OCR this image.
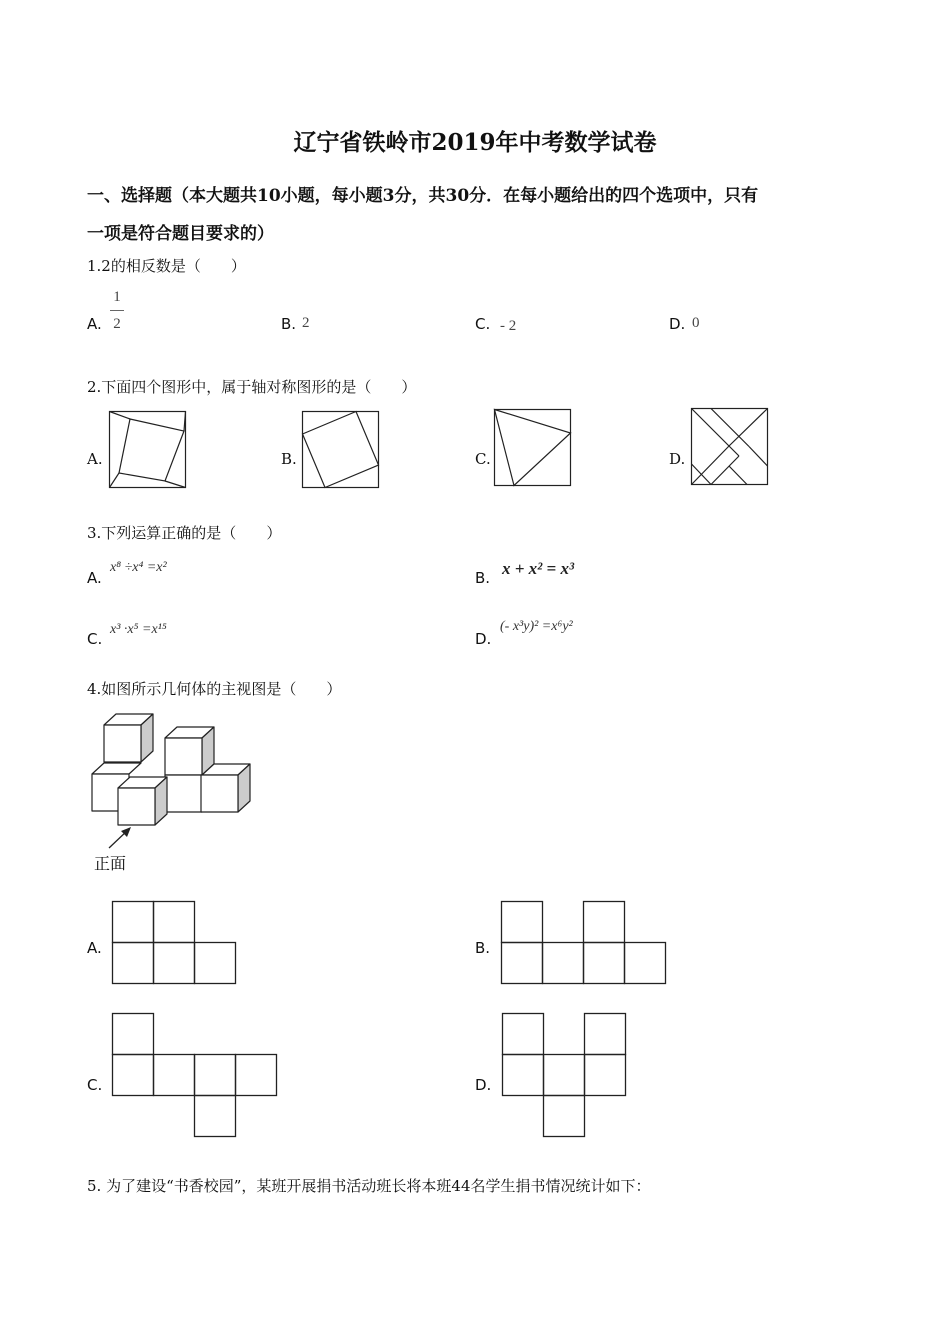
辽宁省铁岭市2019年中考数学试卷
一、选择题（本大题共10小题，每小题3分，共30分．在每小题给出的四个选项中，只有
一项是符合题目要求的）
1.2的相反数是（　　）
A.
1
2	B. 2	C. - 2	D. 0
2.下面四个图形中，属于轴对称图形的是（　　）
A.	B.	C.	D.
3.下列运算正确的是（　　）
A.
x⁸ ÷x⁴ =x²
B. x + x² = x³
C.
x³ ·x⁵ =x¹⁵
D.
(- x³y)² =x⁶y²
4.如图所示几何体的主视图是（　　）
正面
A.	B.
C.	D.
5. 为了建设“书香校园”，某班开展捐书活动班长将本班44名学生捐书情况统计如下：
